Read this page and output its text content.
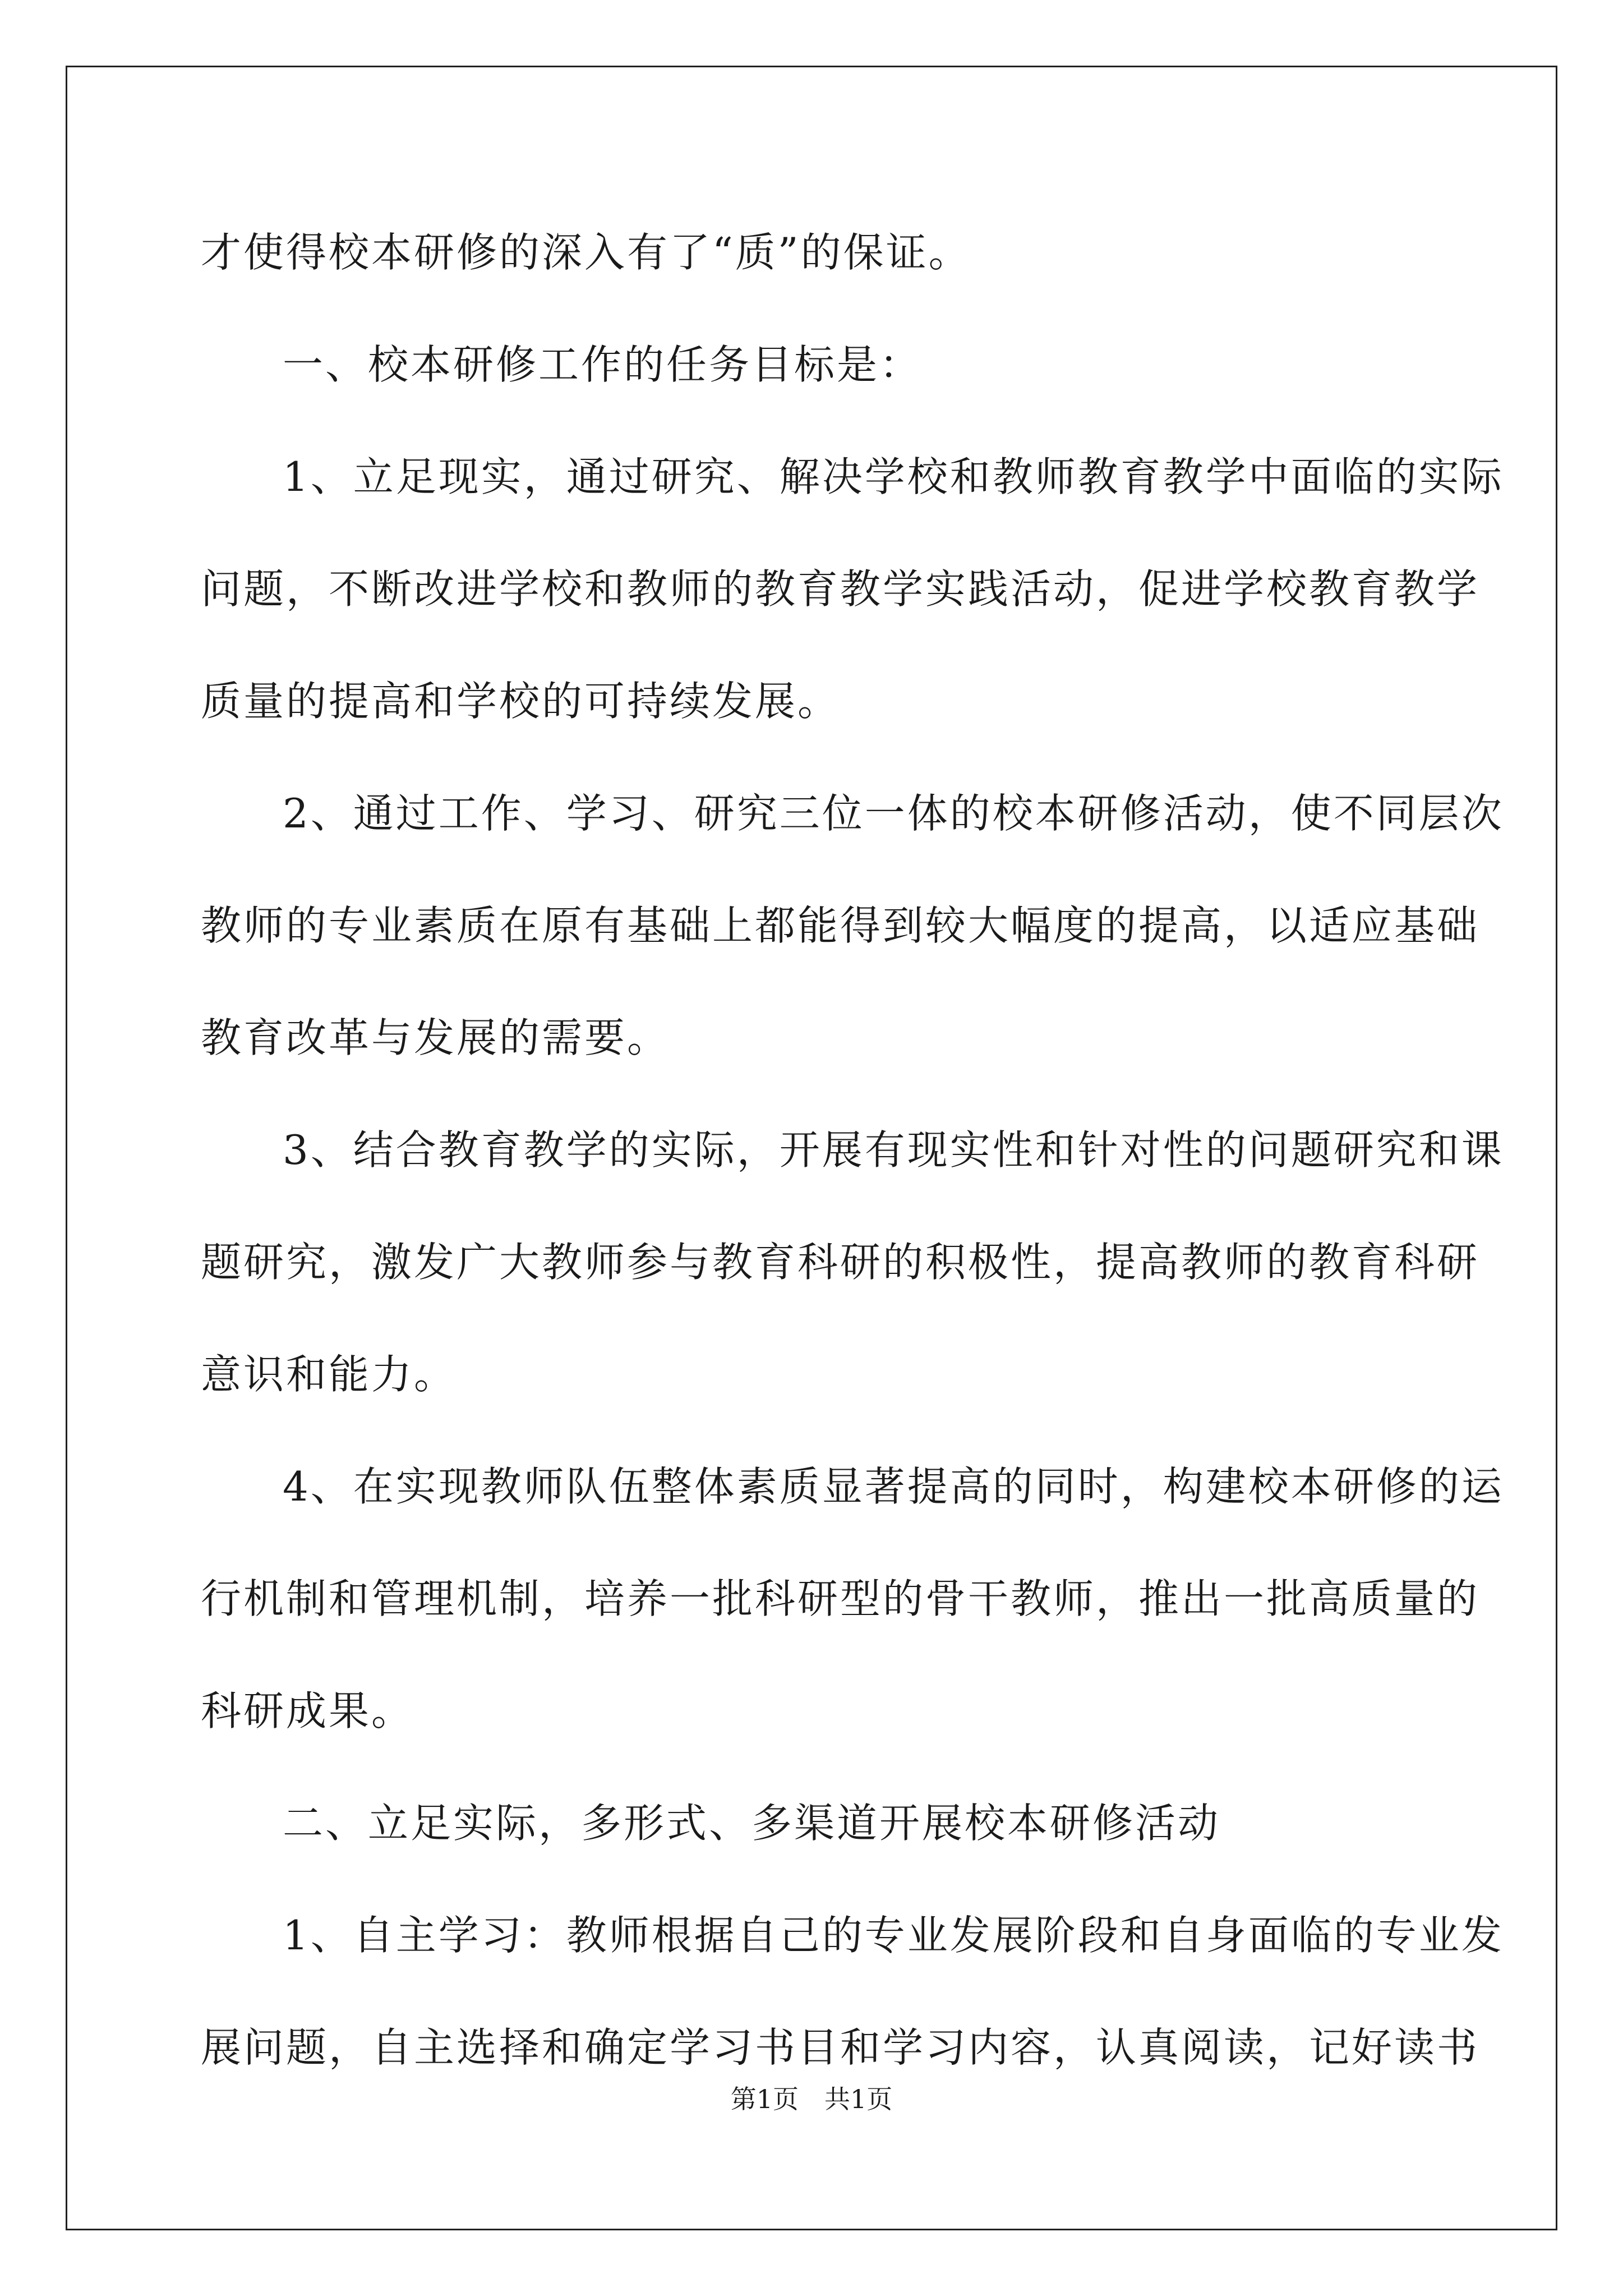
才使得校本研修的深入有了“质”的保证。
一、校本研修工作的任务目标是：
1、立足现实，通过研究、解决学校和教师教育教学中面临的实际
问题，不断改进学校和教师的教育教学实践活动，促进学校教育教学
质量的提高和学校的可持续发展。
2、通过工作、学习、研究三位一体的校本研修活动，使不同层次
教师的专业素质在原有基础上都能得到较大幅度的提高，以适应基础
教育改革与发展的需要。
3、结合教育教学的实际，开展有现实性和针对性的问题研究和课
题研究，激发广大教师参与教育科研的积极性，提高教师的教育科研
意识和能力。
4、在实现教师队伍整体素质显著提高的同时，构建校本研修的运
行机制和管理机制，培养一批科研型的骨干教师，推出一批高质量的
科研成果。
二、立足实际，多形式、多渠道开展校本研修活动
1、自主学习：教师根据自己的专业发展阶段和自身面临的专业发
展问题，自主选择和确定学习书目和学习内容，认真阅读，记好读书
第1页　共1页
